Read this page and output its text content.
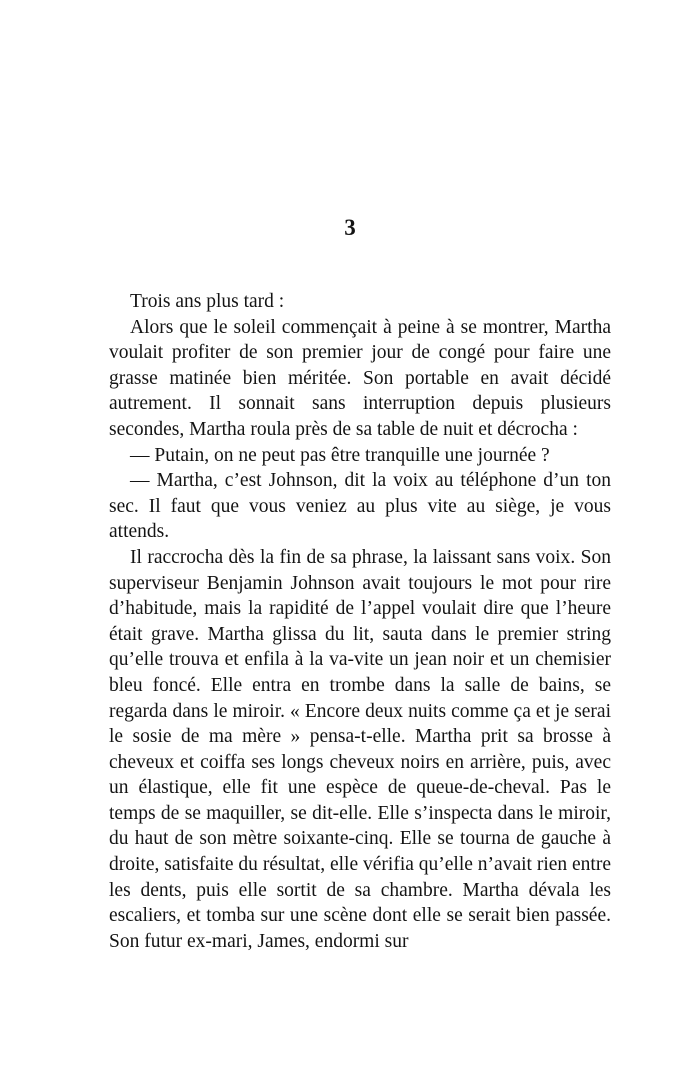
3

Trois ans plus tard :

Alors que le soleil commençait à peine à se montrer, Martha voulait profiter de son premier jour de congé pour faire une grasse matinée bien méritée. Son portable en avait décidé autrement. Il sonnait sans interruption depuis plusieurs secondes, Martha roula près de sa table de nuit et décrocha :

— Putain, on ne peut pas être tranquille une journée ?

— Martha, c’est Johnson, dit la voix au téléphone d’un ton sec. Il faut que vous veniez au plus vite au siège, je vous attends.

Il raccrocha dès la fin de sa phrase, la laissant sans voix. Son superviseur Benjamin Johnson avait toujours le mot pour rire d’habitude, mais la rapidité de l’appel voulait dire que l’heure était grave. Martha glissa du lit, sauta dans le premier string qu’elle trouva et enfila à la va-vite un jean noir et un chemisier bleu foncé. Elle entra en trombe dans la salle de bains, se regarda dans le miroir. « Encore deux nuits comme ça et je serai le sosie de ma mère » pensa-t-elle. Martha prit sa brosse à cheveux et coiffa ses longs cheveux noirs en arrière, puis, avec un élastique, elle fit une espèce de queue-de-cheval. Pas le temps de se maquiller, se dit-elle. Elle s’inspecta dans le miroir, du haut de son mètre soixante-cinq. Elle se tourna de gauche à droite, satisfaite du résultat, elle vérifia qu’elle n’avait rien entre les dents, puis elle sortit de sa chambre. Martha dévala les escaliers, et tomba sur une scène dont elle se serait bien passée. Son futur ex-mari, James, endormi sur
